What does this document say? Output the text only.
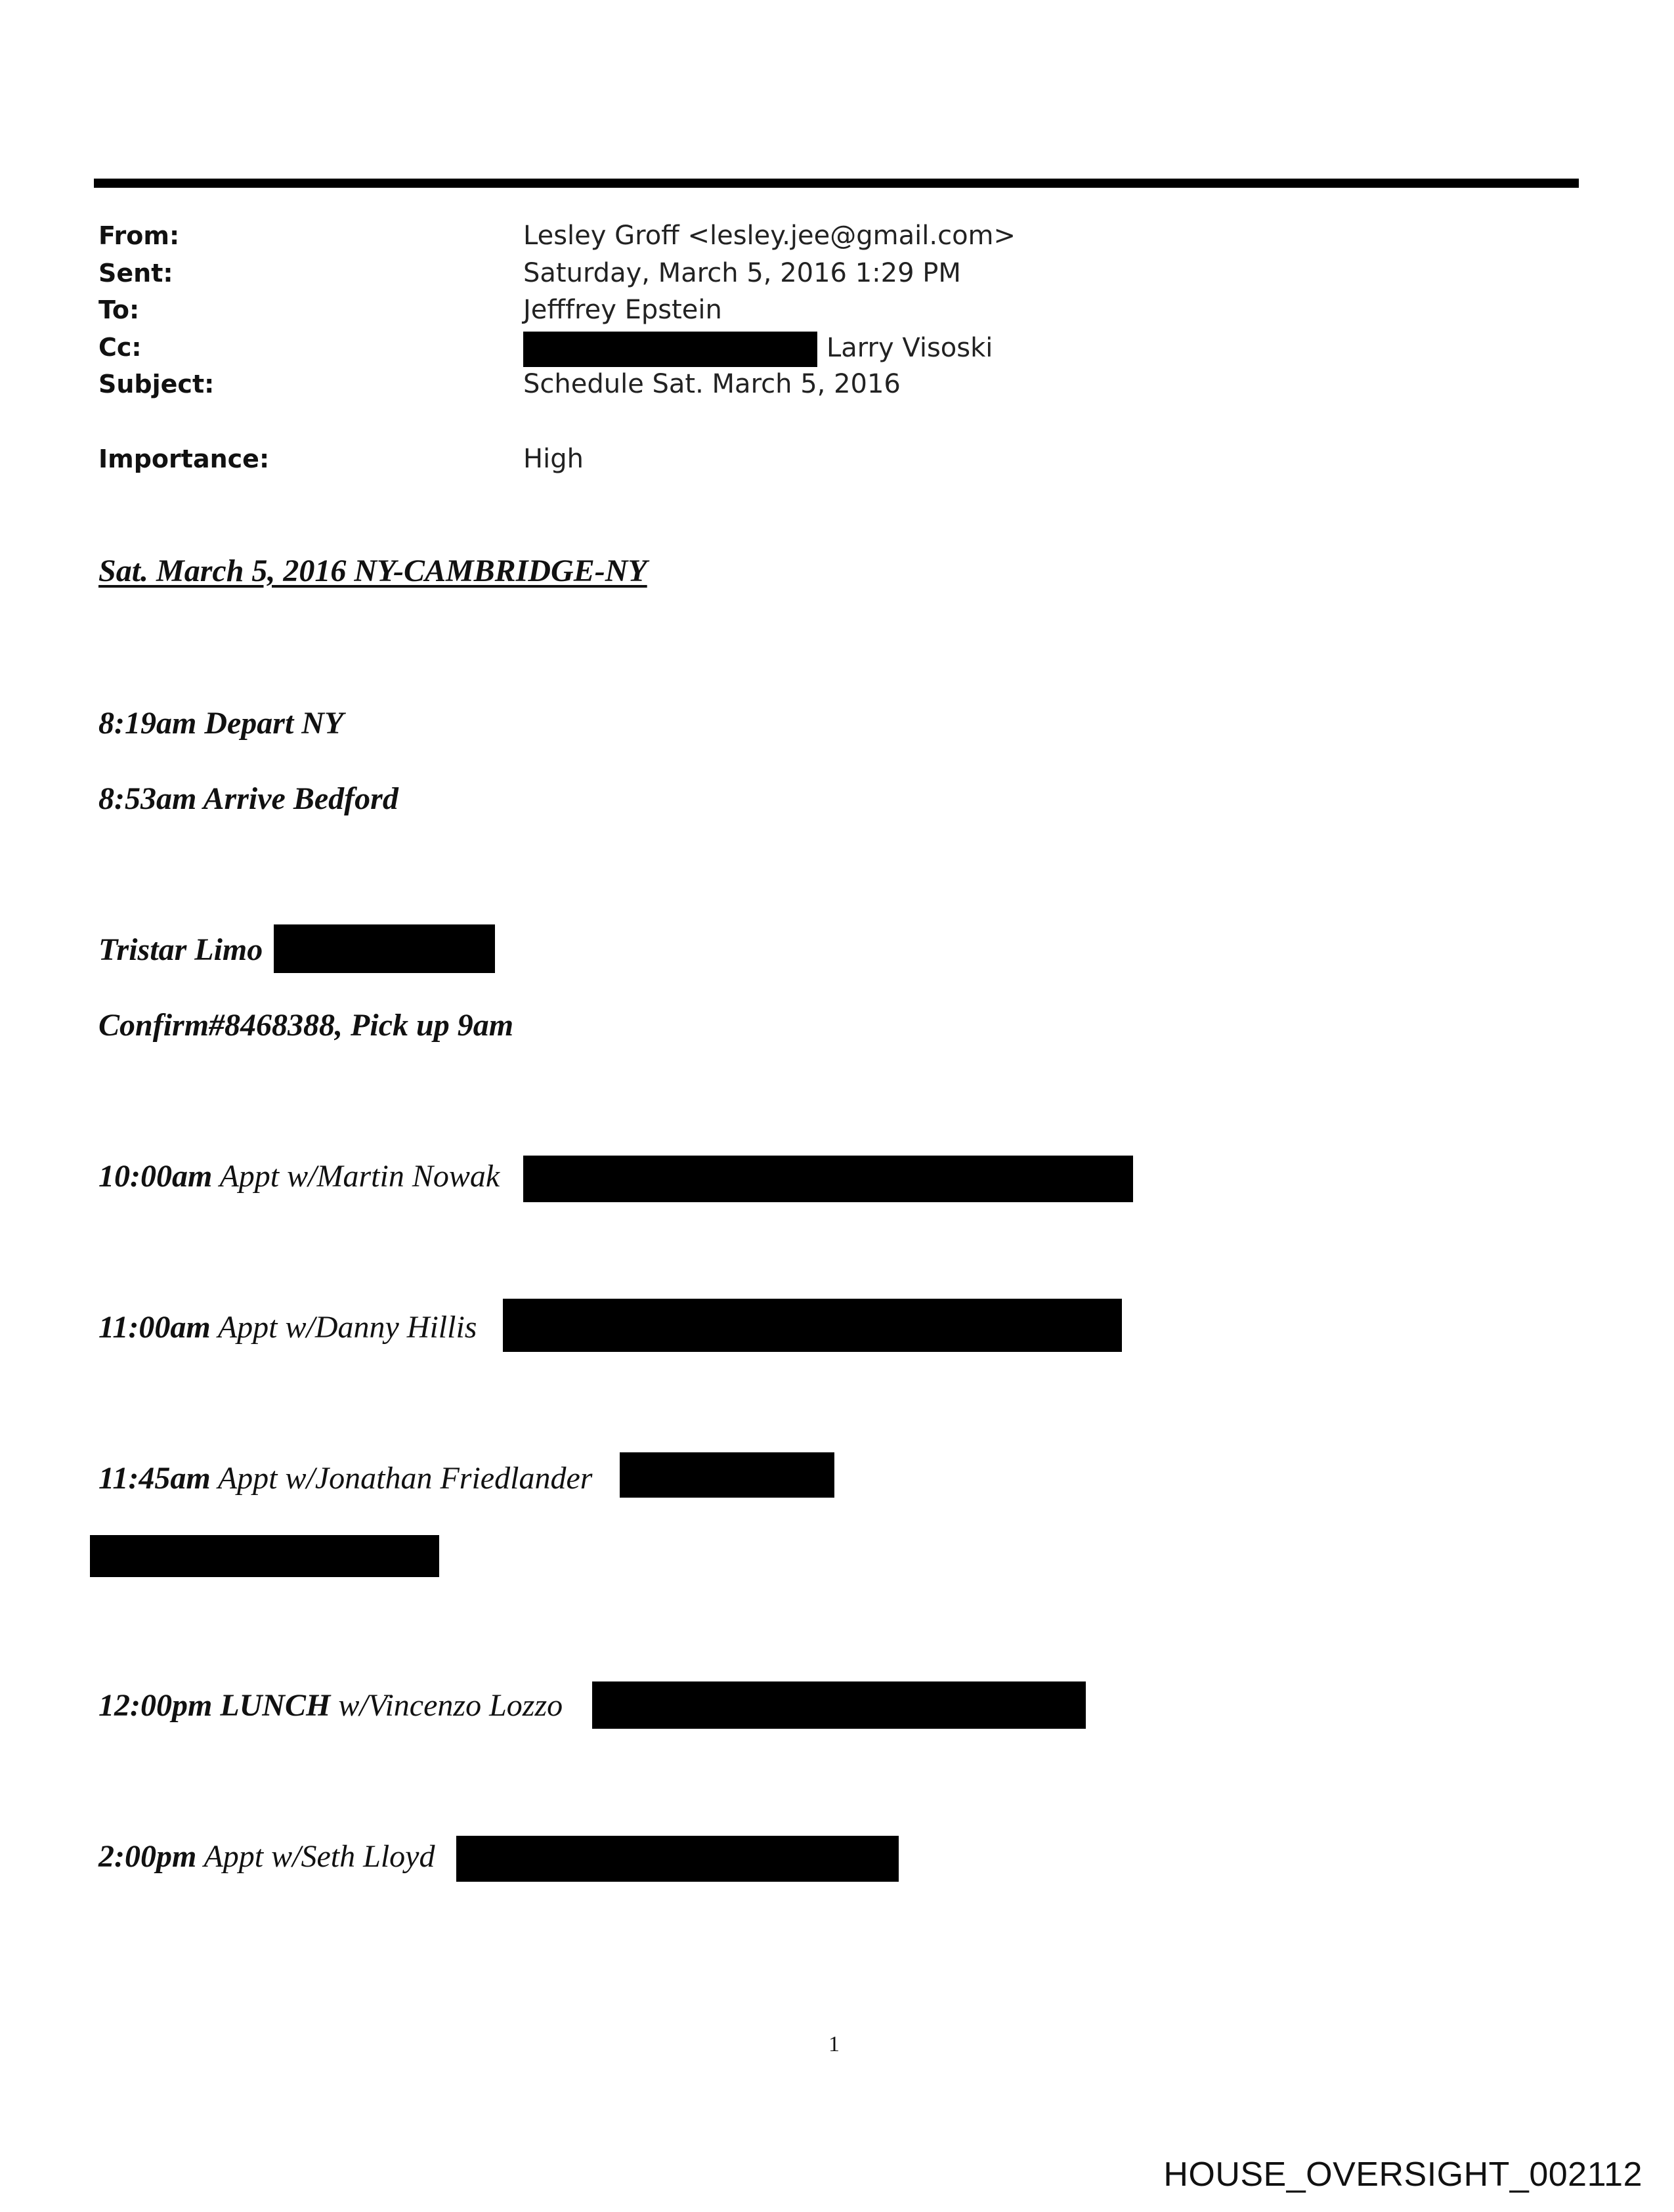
From:	Lesley Groff <lesley.jee@gmail.com>
Sent:	Saturday, March 5, 2016 1:29 PM
To:	Jefffrey Epstein
Cc:	Larry Visoski
Subject:	Schedule Sat. March 5, 2016
Importance:	High
Sat. March 5, 2016 NY-CAMBRIDGE-NY
8:19am Depart NY
8:53am Arrive Bedford
Tristar Limo
Confirm#8468388, Pick up 9am
10:00am Appt w/Martin Nowak
11:00am Appt w/Danny Hillis
11:45am Appt w/Jonathan Friedlander
12:00pm LUNCH w/Vincenzo Lozzo
2:00pm Appt w/Seth Lloyd
1
HOUSE_OVERSIGHT_002112
